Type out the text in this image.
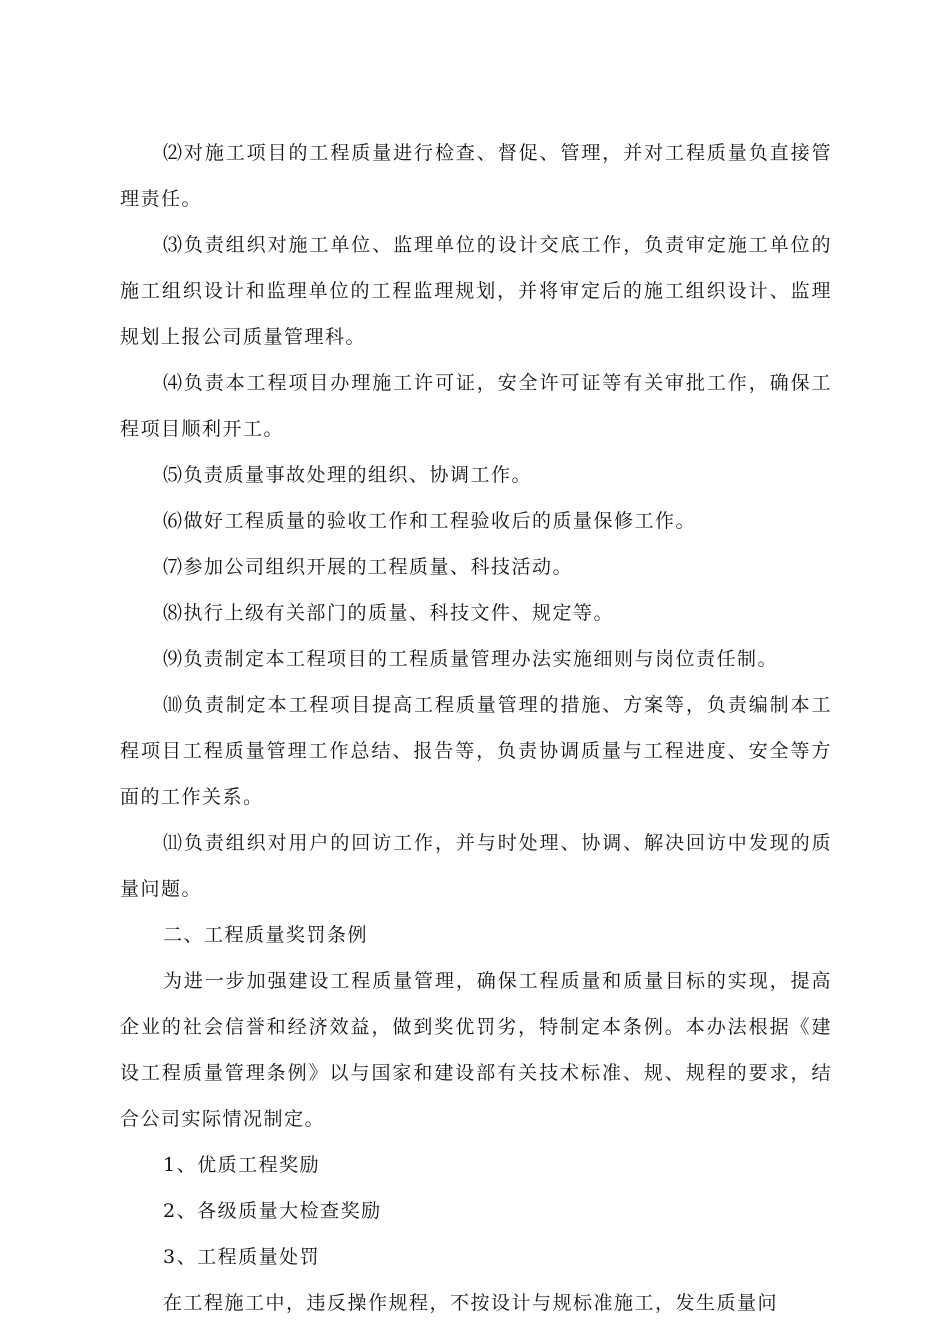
⑵对施工项目的工程质量进行检查、督促、管理，并对工程质量负直接管理责任。

⑶负责组织对施工单位、监理单位的设计交底工作，负责审定施工单位的施工组织设计和监理单位的工程监理规划，并将审定后的施工组织设计、监理规划上报公司质量管理科。

⑷负责本工程项目办理施工许可证，安全许可证等有关审批工作，确保工程项目顺利开工。

⑸负责质量事故处理的组织、协调工作。

⑹做好工程质量的验收工作和工程验收后的质量保修工作。

⑺参加公司组织开展的工程质量、科技活动。

⑻执行上级有关部门的质量、科技文件、规定等。

⑼负责制定本工程项目的工程质量管理办法实施细则与岗位责任制。

⑽负责制定本工程项目提高工程质量管理的措施、方案等，负责编制本工程项目工程质量管理工作总结、报告等，负责协调质量与工程进度、安全等方面的工作关系。

⑾负责组织对用户的回访工作，并与时处理、协调、解决回访中发现的质量问题。

二、工程质量奖罚条例

为进一步加强建设工程质量管理，确保工程质量和质量目标的实现，提高企业的社会信誉和经济效益，做到奖优罚劣，特制定本条例。本办法根据《建设工程质量管理条例》以与国家和建设部有关技术标准、规、规程的要求，结合公司实际情况制定。

1、优质工程奖励

2、各级质量大检查奖励

3、工程质量处罚

在工程施工中，违反操作规程，不按设计与规标准施工，发生质量问
